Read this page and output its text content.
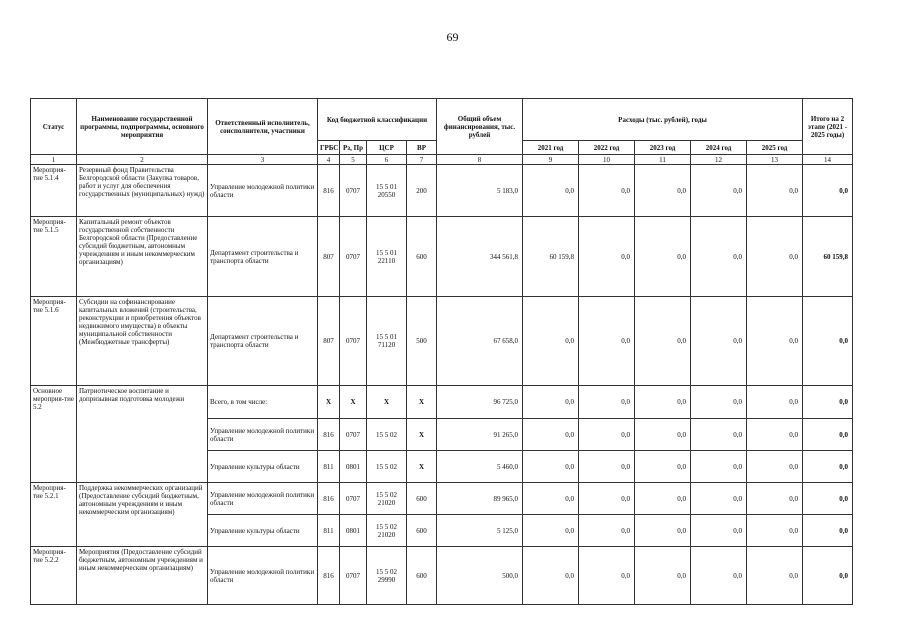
69
Статус	Наименование государственной программы, подпрограммы, основного мероприятия	Ответственный исполнитель, соисполнители, участники	Код бюджетной классификации				Общий объем финансирования, тыс. рублей	Расходы (тыс. рублей), годы					Итого на 2 этапе (2021 - 2025 годы)
			ГРБС	Рз, Пр	ЦСР	ВР		2021 год	2022 год	2023 год	2024 год	2025 год	
1	2	3	4	5	6	7	8	9	10	11	12	13	14
Мероприя-тие 5.1.4	Резервный фонд Правительства Белгородской области (Закупка товаров, работ и услуг для обеспечения государственных (муниципальных) нужд)	Управление молодежной политики области	816	0707	15 5 01 20550	200	5 183,0	0,0	0,0	0,0	0,0	0,0	0,0
Мероприя-тие 5.1.5	Капитальный ремонт объектов государственной собственности Белгородской области (Предоставление субсидий бюджетным, автономным учреждениям и иным некоммерческим организациям)	Департамент строительства и транспорта области	807	0707	15 5 01 22110	600	344 561,8	60 159,8	0,0	0,0	0,0	0,0	60 159,8
Мероприя-тие 5.1.6	Субсидии на софинансирование капитальных вложений (строительства, реконструкции и приобретения объектов недвижимого имущества) в объекты муниципальной собственности (Межбюджетные трансферты)	Департамент строительства и транспорта области	807	0707	15 5 01 71120	500	67 658,0	0,0	0,0	0,0	0,0	0,0	0,0
Основное мероприя-тие 5.2	Патриотическое воспитание и допризывная подготовка молодежи	Всего, в том числе:	X	X	X	X	96 725,0	0,0	0,0	0,0	0,0	0,0	0,0
		Управление молодежной политики области	816	0707	15 5 02	X	91 265,0	0,0	0,0	0,0	0,0	0,0	0,0
		Управление культуры области	811	0801	15 5 02	X	5 460,0	0,0	0,0	0,0	0,0	0,0	0,0
Мероприя-тие 5.2.1	Поддержка некоммерческих организаций (Предоставление субсидий бюджетным, автономным учреждениям и иным некоммерческим организациям)	Управление молодежной политики области	816	0707	15 5 02 21020	600	89 965,0	0,0	0,0	0,0	0,0	0,0	0,0
		Управление культуры области	811	0801	15 5 02 21020	600	5 125,0	0,0	0,0	0,0	0,0	0,0	0,0
Мероприя-тие 5.2.2	Мероприятия (Предоставление субсидий бюджетным, автономным учреждениям и иным некоммерческим организациям)	Управление молодежной политики области	816	0707	15 5 02 29990	600	500,0	0,0	0,0	0,0	0,0	0,0	0,0
